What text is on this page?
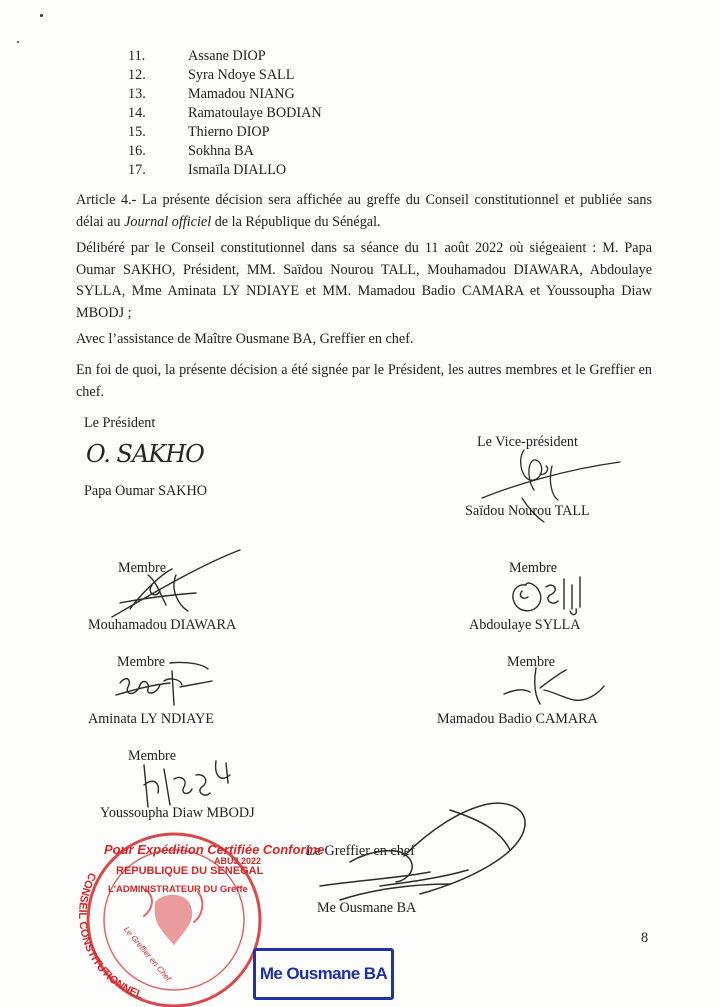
11.	Assane DIOP
12.	Syra Ndoye SALL
13.	Mamadou NIANG
14.	Ramatoulaye BODIAN
15.	Thierno DIOP
16.	Sokhna BA
17.	Ismaïla DIALLO

Article 4.- La présente décision sera affichée au greffe du Conseil constitutionnel et publiée sans délai au Journal officiel de la République du Sénégal.

Délibéré par le Conseil constitutionnel dans sa séance du 11 août 2022 où siégeaient : M. Papa Oumar SAKHO, Président, MM. Saïdou Nourou TALL, Mouhamadou DIAWARA, Abdoulaye SYLLA, Mme Aminata LY NDIAYE et MM. Mamadou Badio CAMARA et Youssoupha Diaw MBODJ ;

Avec l’assistance de Maître Ousmane BA, Greffier en chef.

En foi de quoi, la présente décision a été signée par le Président, les autres membres et le Greffier en chef.

Le Président
O. SAKHO
Papa Oumar SAKHO
Le Vice-président
Saïdou Nourou TALL
Membre
Mouhamadou DIAWARA
Membre
Abdoulaye SYLLA
Membre
Aminata LY NDIAYE
Membre
Mamadou Badio CAMARA
Membre
Youssoupha Diaw MBODJ
Le Greffier en chef
Me Ousmane BA
Pour Expédition Certifiée Conforme
REPUBLIQUE DU SENEGAL
ABUJ 2022
L'ADMINISTRATEUR DU Greffe
CONSEIL CONSTITUTIONNEL
Le Greffier en Chef	Me Ousmane BA
8
